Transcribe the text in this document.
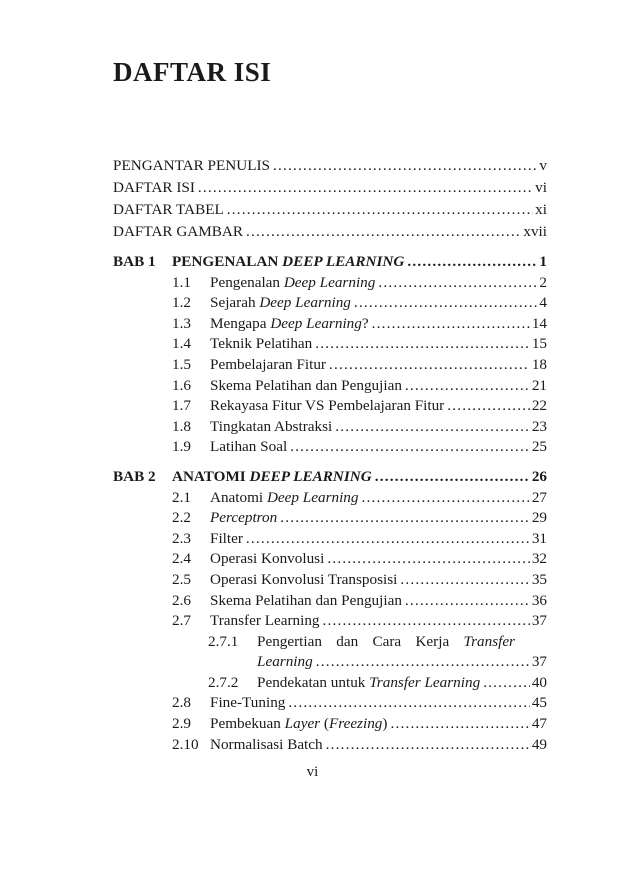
DAFTAR ISI
PENGANTAR PENULIS .....	v
DAFTAR ISI .....	vi
DAFTAR TABEL .....	xi
DAFTAR GAMBAR .....	xvii
BAB 1	PENGENALAN DEEP LEARNING .....	1
1.1	Pengenalan Deep Learning .....	2
1.2	Sejarah Deep Learning .....	4
1.3	Mengapa Deep Learning? .....	14
1.4	Teknik Pelatihan .....	15
1.5	Pembelajaran Fitur .....	18
1.6	Skema Pelatihan dan Pengujian .....	21
1.7	Rekayasa Fitur VS Pembelajaran Fitur .....	22
1.8	Tingkatan Abstraksi .....	23
1.9	Latihan Soal .....	25
BAB 2	ANATOMI DEEP LEARNING .....	26
2.1	Anatomi Deep Learning .....	27
2.2	Perceptron .....	29
2.3	Filter .....	31
2.4	Operasi Konvolusi .....	32
2.5	Operasi Konvolusi Transposisi .....	35
2.6	Skema Pelatihan dan Pengujian .....	36
2.7	Transfer Learning .....	37
2.7.1	Pengertian dan Cara Kerja Transfer
Learning .....	37
2.7.2	Pendekatan untuk Transfer Learning .....	40
2.8	Fine-Tuning .....	45
2.9	Pembekuan Layer (Freezing) .....	47
2.10 Normalisasi Batch .....	49
vi
